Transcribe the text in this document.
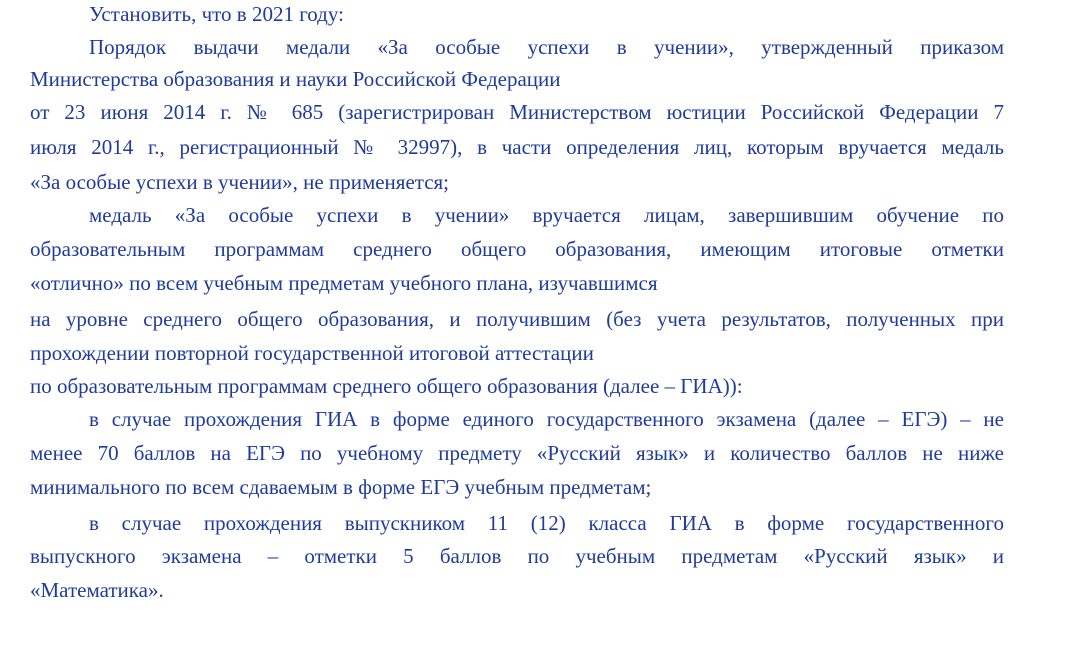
Установить, что в 2021 году:
Порядок выдачи медали «За особые успехи в учении», утвержденный приказом
Министерства образования и науки Российской Федерации
от 23 июня 2014 г. № 685 (зарегистрирован Министерством юстиции Российской Федерации 7
июля 2014 г., регистрационный № 32997), в части определения лиц, которым вручается медаль
«За особые успехи в учении», не применяется;
медаль «За особые успехи в учении» вручается лицам, завершившим обучение по
образовательным программам среднего общего образования, имеющим итоговые отметки
«отлично» по всем учебным предметам учебного плана, изучавшимся
на уровне среднего общего образования, и получившим (без учета результатов, полученных при
прохождении повторной государственной итоговой аттестации
по образовательным программам среднего общего образования (далее – ГИА)):
в случае прохождения ГИА в форме единого государственного экзамена (далее – ЕГЭ) – не
менее 70 баллов на ЕГЭ по учебному предмету «Русский язык» и количество баллов не ниже
минимального по всем сдаваемым в форме ЕГЭ учебным предметам;
в случае прохождения выпускником 11 (12) класса ГИА в форме государственного
выпускного экзамена – отметки 5 баллов по учебным предметам «Русский язык» и
«Математика».
